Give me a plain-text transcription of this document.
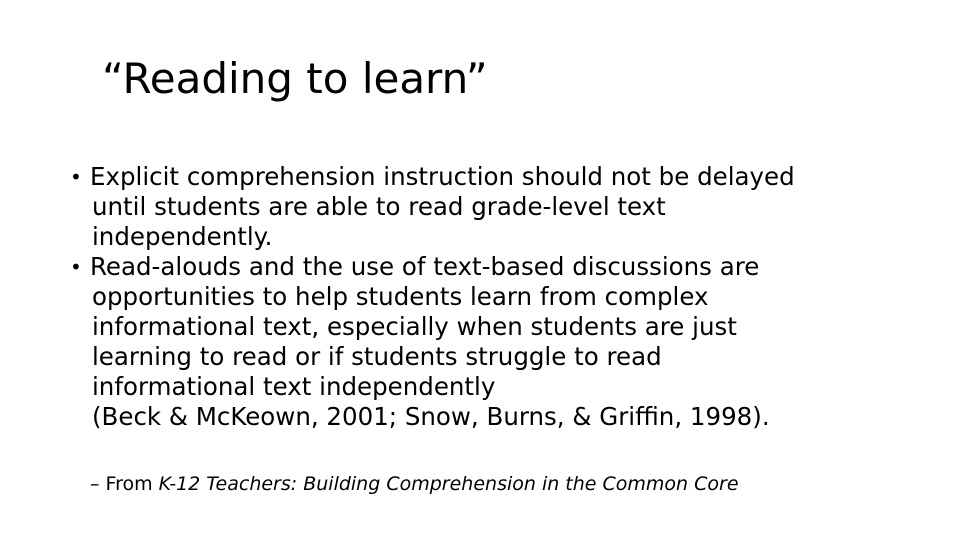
“Reading to learn”
• Explicit comprehension instruction should not be delayed
until students are able to read grade-level text
independently.
• Read-alouds and the use of text-based discussions are
opportunities to help students learn from complex
informational text, especially when students are just
learning to read or if students struggle to read
informational text independently
(Beck & McKeown, 2001; Snow, Burns, & Griffin, 1998).
– From K-12 Teachers: Building Comprehension in the Common Core
